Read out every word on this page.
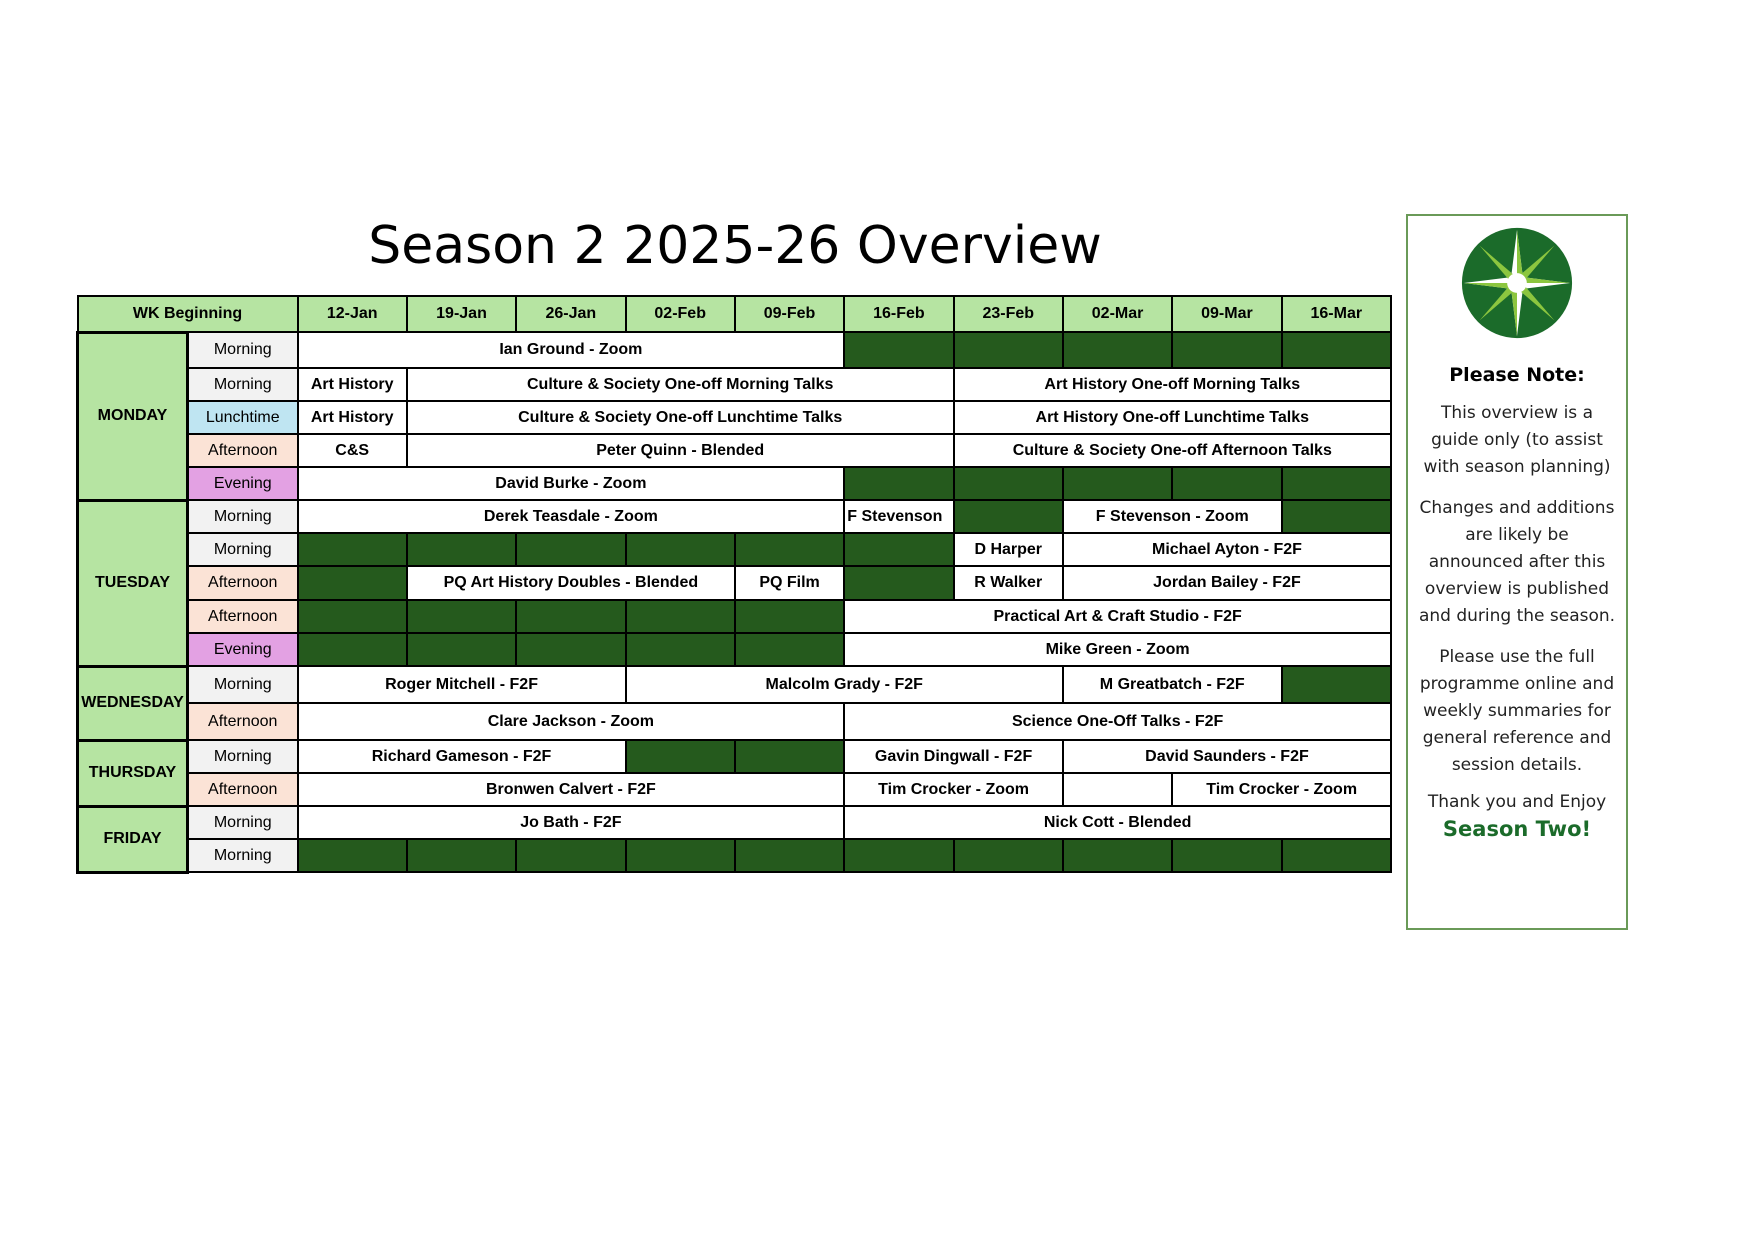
Season 2 2025-26 Overview
WK Beginning		12-Jan	19-Jan	26-Jan	02-Feb	09-Feb	16-Feb	23-Feb	02-Mar	09-Mar	16-Mar
MONDAY	Morning	Ian Ground - Zoom									
	Morning	Art History	Culture & Society One-off Morning Talks					Art History One-off Morning Talks			
	Lunchtime	Art History	Culture & Society One-off Lunchtime Talks					Art History One-off Lunchtime Talks			
	Afternoon	C&S	Peter Quinn - Blended					Culture & Society One-off Afternoon Talks			
	Evening	David Burke - Zoom									
TUESDAY	Morning	Derek Teasdale - Zoom					F Stevenson		F Stevenson - Zoom		
	Morning							D Harper	Michael Ayton - F2F		
	Afternoon		PQ Art History Doubles - Blended			PQ Film		R Walker	Jordan Bailey - F2F		
	Afternoon						Practical Art & Craft Studio - F2F				
	Evening						Mike Green - Zoom				
WEDNESDAY	Morning	Roger Mitchell - F2F			Malcolm Grady - F2F				M Greatbatch - F2F		
	Afternoon	Clare Jackson - Zoom					Science One-Off Talks - F2F				
THURSDAY	Morning	Richard Gameson - F2F					Gavin Dingwall - F2F		David Saunders - F2F		
	Afternoon	Bronwen Calvert - F2F					Tim Crocker - Zoom			Tim Crocker - Zoom	
FRIDAY	Morning	Jo Bath - F2F					Nick Cott - Blended				
	Morning										
Please Note:

This overview is a guide only (to assist with season planning)

Changes and additions are likely be announced after this overview is published and during the season.

Please use the full programme online and weekly summaries for general reference and session details.

Thank you and Enjoy
Season Two!
